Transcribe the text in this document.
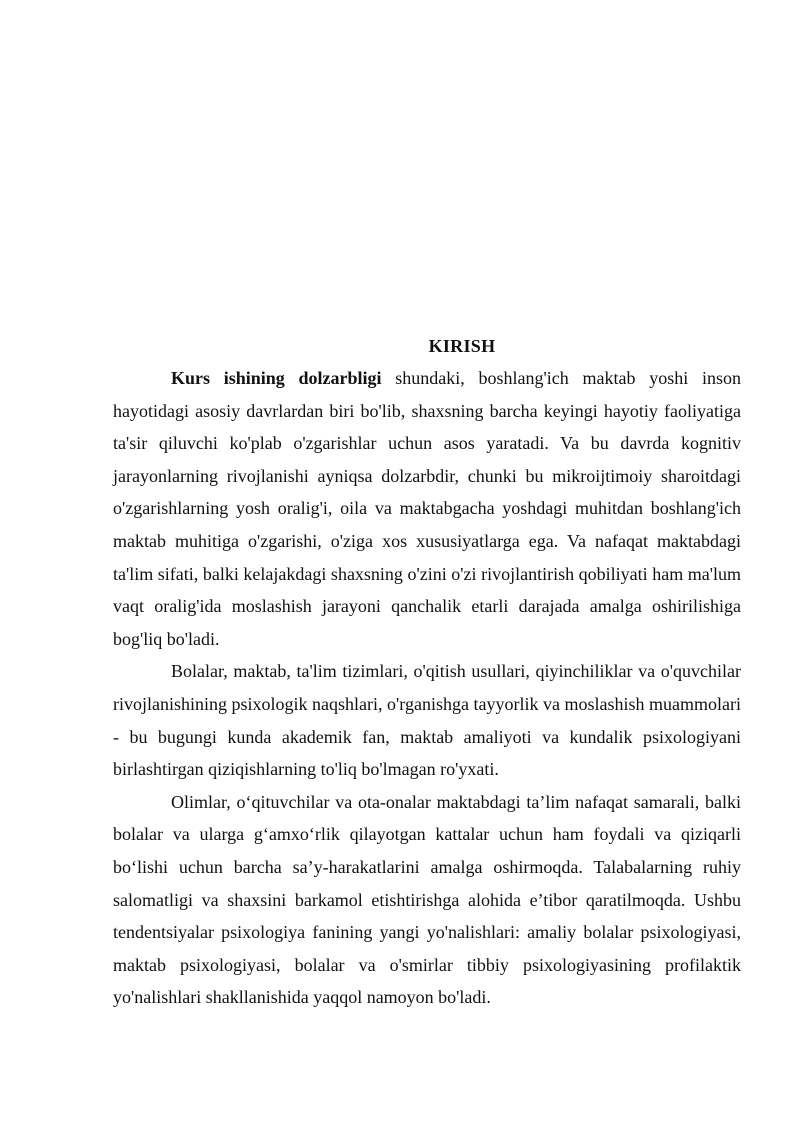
KIRISH

Kurs ishining dolzarbligi shundaki, boshlang'ich maktab yoshi inson hayotidagi asosiy davrlardan biri bo'lib, shaxsning barcha keyingi hayotiy faoliyatiga ta'sir qiluvchi ko'plab o'zgarishlar uchun asos yaratadi. Va bu davrda kognitiv jarayonlarning rivojlanishi ayniqsa dolzarbdir, chunki bu mikroijtimoiy sharoitdagi o'zgarishlarning yosh oralig'i, oila va maktabgacha yoshdagi muhitdan boshlang'ich maktab muhitiga o'zgarishi, o'ziga xos xususiyatlarga ega. Va nafaqat maktabdagi ta'lim sifati, balki kelajakdagi shaxsning o'zini o'zi rivojlantirish qobiliyati ham ma'lum vaqt oralig'ida moslashish jarayoni qanchalik etarli darajada amalga oshirilishiga bog'liq bo'ladi.

Bolalar, maktab, ta'lim tizimlari, o'qitish usullari, qiyinchiliklar va o'quvchilar rivojlanishining psixologik naqshlari, o'rganishga tayyorlik va moslashish muammolari - bu bugungi kunda akademik fan, maktab amaliyoti va kundalik psixologiyani birlashtirgan qiziqishlarning to'liq bo'lmagan ro'yxati.

Olimlar, o‘qituvchilar va ota-onalar maktabdagi ta’lim nafaqat samarali, balki bolalar va ularga g‘amxo‘rlik qilayotgan kattalar uchun ham foydali va qiziqarli bo‘lishi uchun barcha sa’y-harakatlarini amalga oshirmoqda. Talabalarning ruhiy salomatligi va shaxsini barkamol etishtirishga alohida e’tibor qaratilmoqda. Ushbu tendentsiyalar psixologiya fanining yangi yo'nalishlari: amaliy bolalar psixologiyasi, maktab psixologiyasi, bolalar va o'smirlar tibbiy psixologiyasining profilaktik yo'nalishlari shakllanishida yaqqol namoyon bo'ladi.
